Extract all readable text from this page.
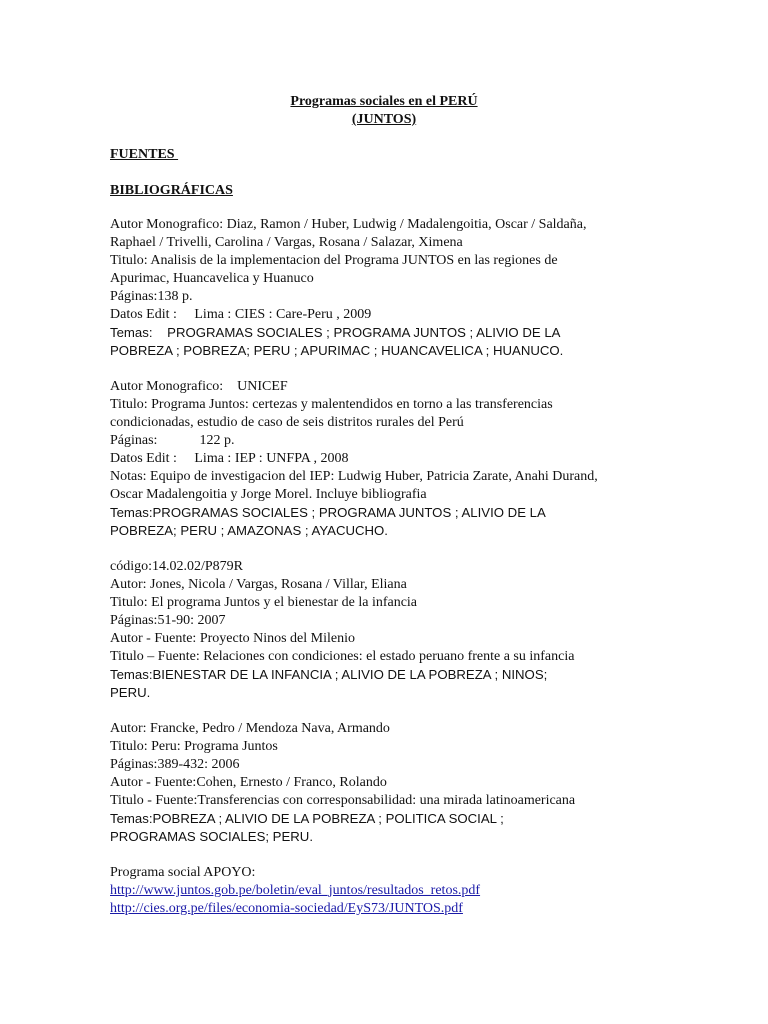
Programas sociales en el PERÚ
(JUNTOS)
FUENTES
BIBLIOGRÁFICAS
Autor Monografico: Diaz, Ramon / Huber, Ludwig / Madalengoitia, Oscar / Saldaña,
Raphael / Trivelli, Carolina / Vargas, Rosana / Salazar, Ximena
Titulo: Analisis de la implementacion del Programa JUNTOS en las regiones de
Apurimac, Huancavelica y Huanuco
Páginas:138 p.
Datos Edit :     Lima : CIES : Care-Peru , 2009
Temas:    PROGRAMAS SOCIALES ; PROGRAMA JUNTOS ; ALIVIO DE LA
POBREZA ; POBREZA; PERU ; APURIMAC ; HUANCAVELICA ; HUANUCO.
Autor Monografico:    UNICEF
Titulo: Programa Juntos: certezas y malentendidos en torno a las transferencias
condicionadas, estudio de caso de seis distritos rurales del Perú
Páginas:            122 p.
Datos Edit :     Lima : IEP : UNFPA , 2008
Notas: Equipo de investigacion del IEP: Ludwig Huber, Patricia Zarate, Anahi Durand,
Oscar Madalengoitia y Jorge Morel. Incluye bibliografia
Temas:PROGRAMAS SOCIALES ; PROGRAMA JUNTOS ; ALIVIO DE LA
POBREZA; PERU ; AMAZONAS ; AYACUCHO.
código:14.02.02/P879R
Autor: Jones, Nicola / Vargas, Rosana / Villar, Eliana
Titulo: El programa Juntos y el bienestar de la infancia
Páginas:51-90: 2007
Autor - Fuente: Proyecto Ninos del Milenio
Titulo – Fuente: Relaciones con condiciones: el estado peruano frente a su infancia
Temas:BIENESTAR DE LA INFANCIA ; ALIVIO DE LA POBREZA ; NINOS;
PERU.
Autor: Francke, Pedro / Mendoza Nava, Armando
Titulo: Peru: Programa Juntos
Páginas:389-432: 2006
Autor - Fuente:Cohen, Ernesto / Franco, Rolando
Titulo - Fuente:Transferencias con corresponsabilidad: una mirada latinoamericana
Temas:POBREZA ; ALIVIO DE LA POBREZA ; POLITICA SOCIAL ;
PROGRAMAS SOCIALES; PERU.
Programa social APOYO:
http://www.juntos.gob.pe/boletin/eval_juntos/resultados_retos.pdf
http://cies.org.pe/files/economia-sociedad/EyS73/JUNTOS.pdf
